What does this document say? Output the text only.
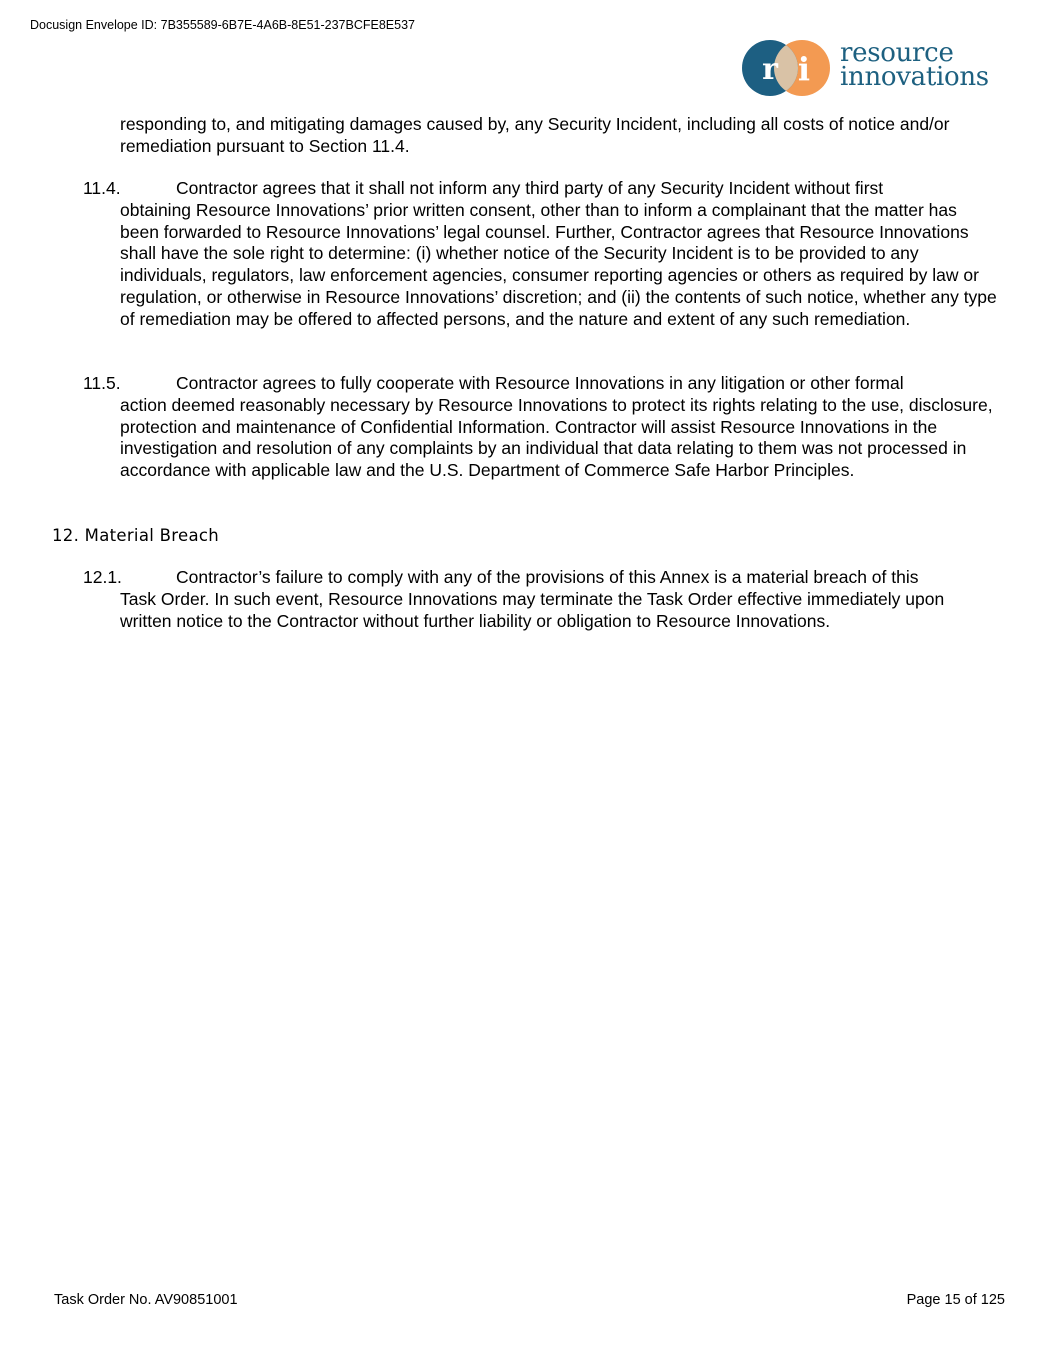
Docusign Envelope ID: 7B355589-6B7E-4A6B-8E51-237BCFE8E537
r i resource
innovations

responding to, and mitigating damages caused by, any Security Incident, including all costs of notice and/or remediation pursuant to Section 11.4.

11.4.	Contractor agrees that it shall not inform any third party of any Security Incident without first

obtaining Resource Innovations’ prior written consent, other than to inform a complainant that the matter has been forwarded to Resource Innovations’ legal counsel. Further, Contractor agrees that Resource Innovations shall have the sole right to determine: (i) whether notice of the Security Incident is to be provided to any individuals, regulators, law enforcement agencies, consumer reporting agencies or others as required by law or regulation, or otherwise in Resource Innovations’ discretion; and (ii) the contents of such notice, whether any type of remediation may be offered to affected persons, and the nature and extent of any such remediation.

11.5.	Contractor agrees to fully cooperate with Resource Innovations in any litigation or other formal

action deemed reasonably necessary by Resource Innovations to protect its rights relating to the use, disclosure, protection and maintenance of Confidential Information. Contractor will assist Resource Innovations in the investigation and resolution of any complaints by an individual that data relating to them was not processed in accordance with applicable law and the U.S. Department of Commerce Safe Harbor Principles.

12. Material Breach
12.1.	Contractor’s failure to comply with any of the provisions of this Annex is a material breach of this

Task Order. In such event, Resource Innovations may terminate the Task Order effective immediately upon written notice to the Contractor without further liability or obligation to Resource Innovations.

Task Order No. AV90851001	Page 15 of 125
